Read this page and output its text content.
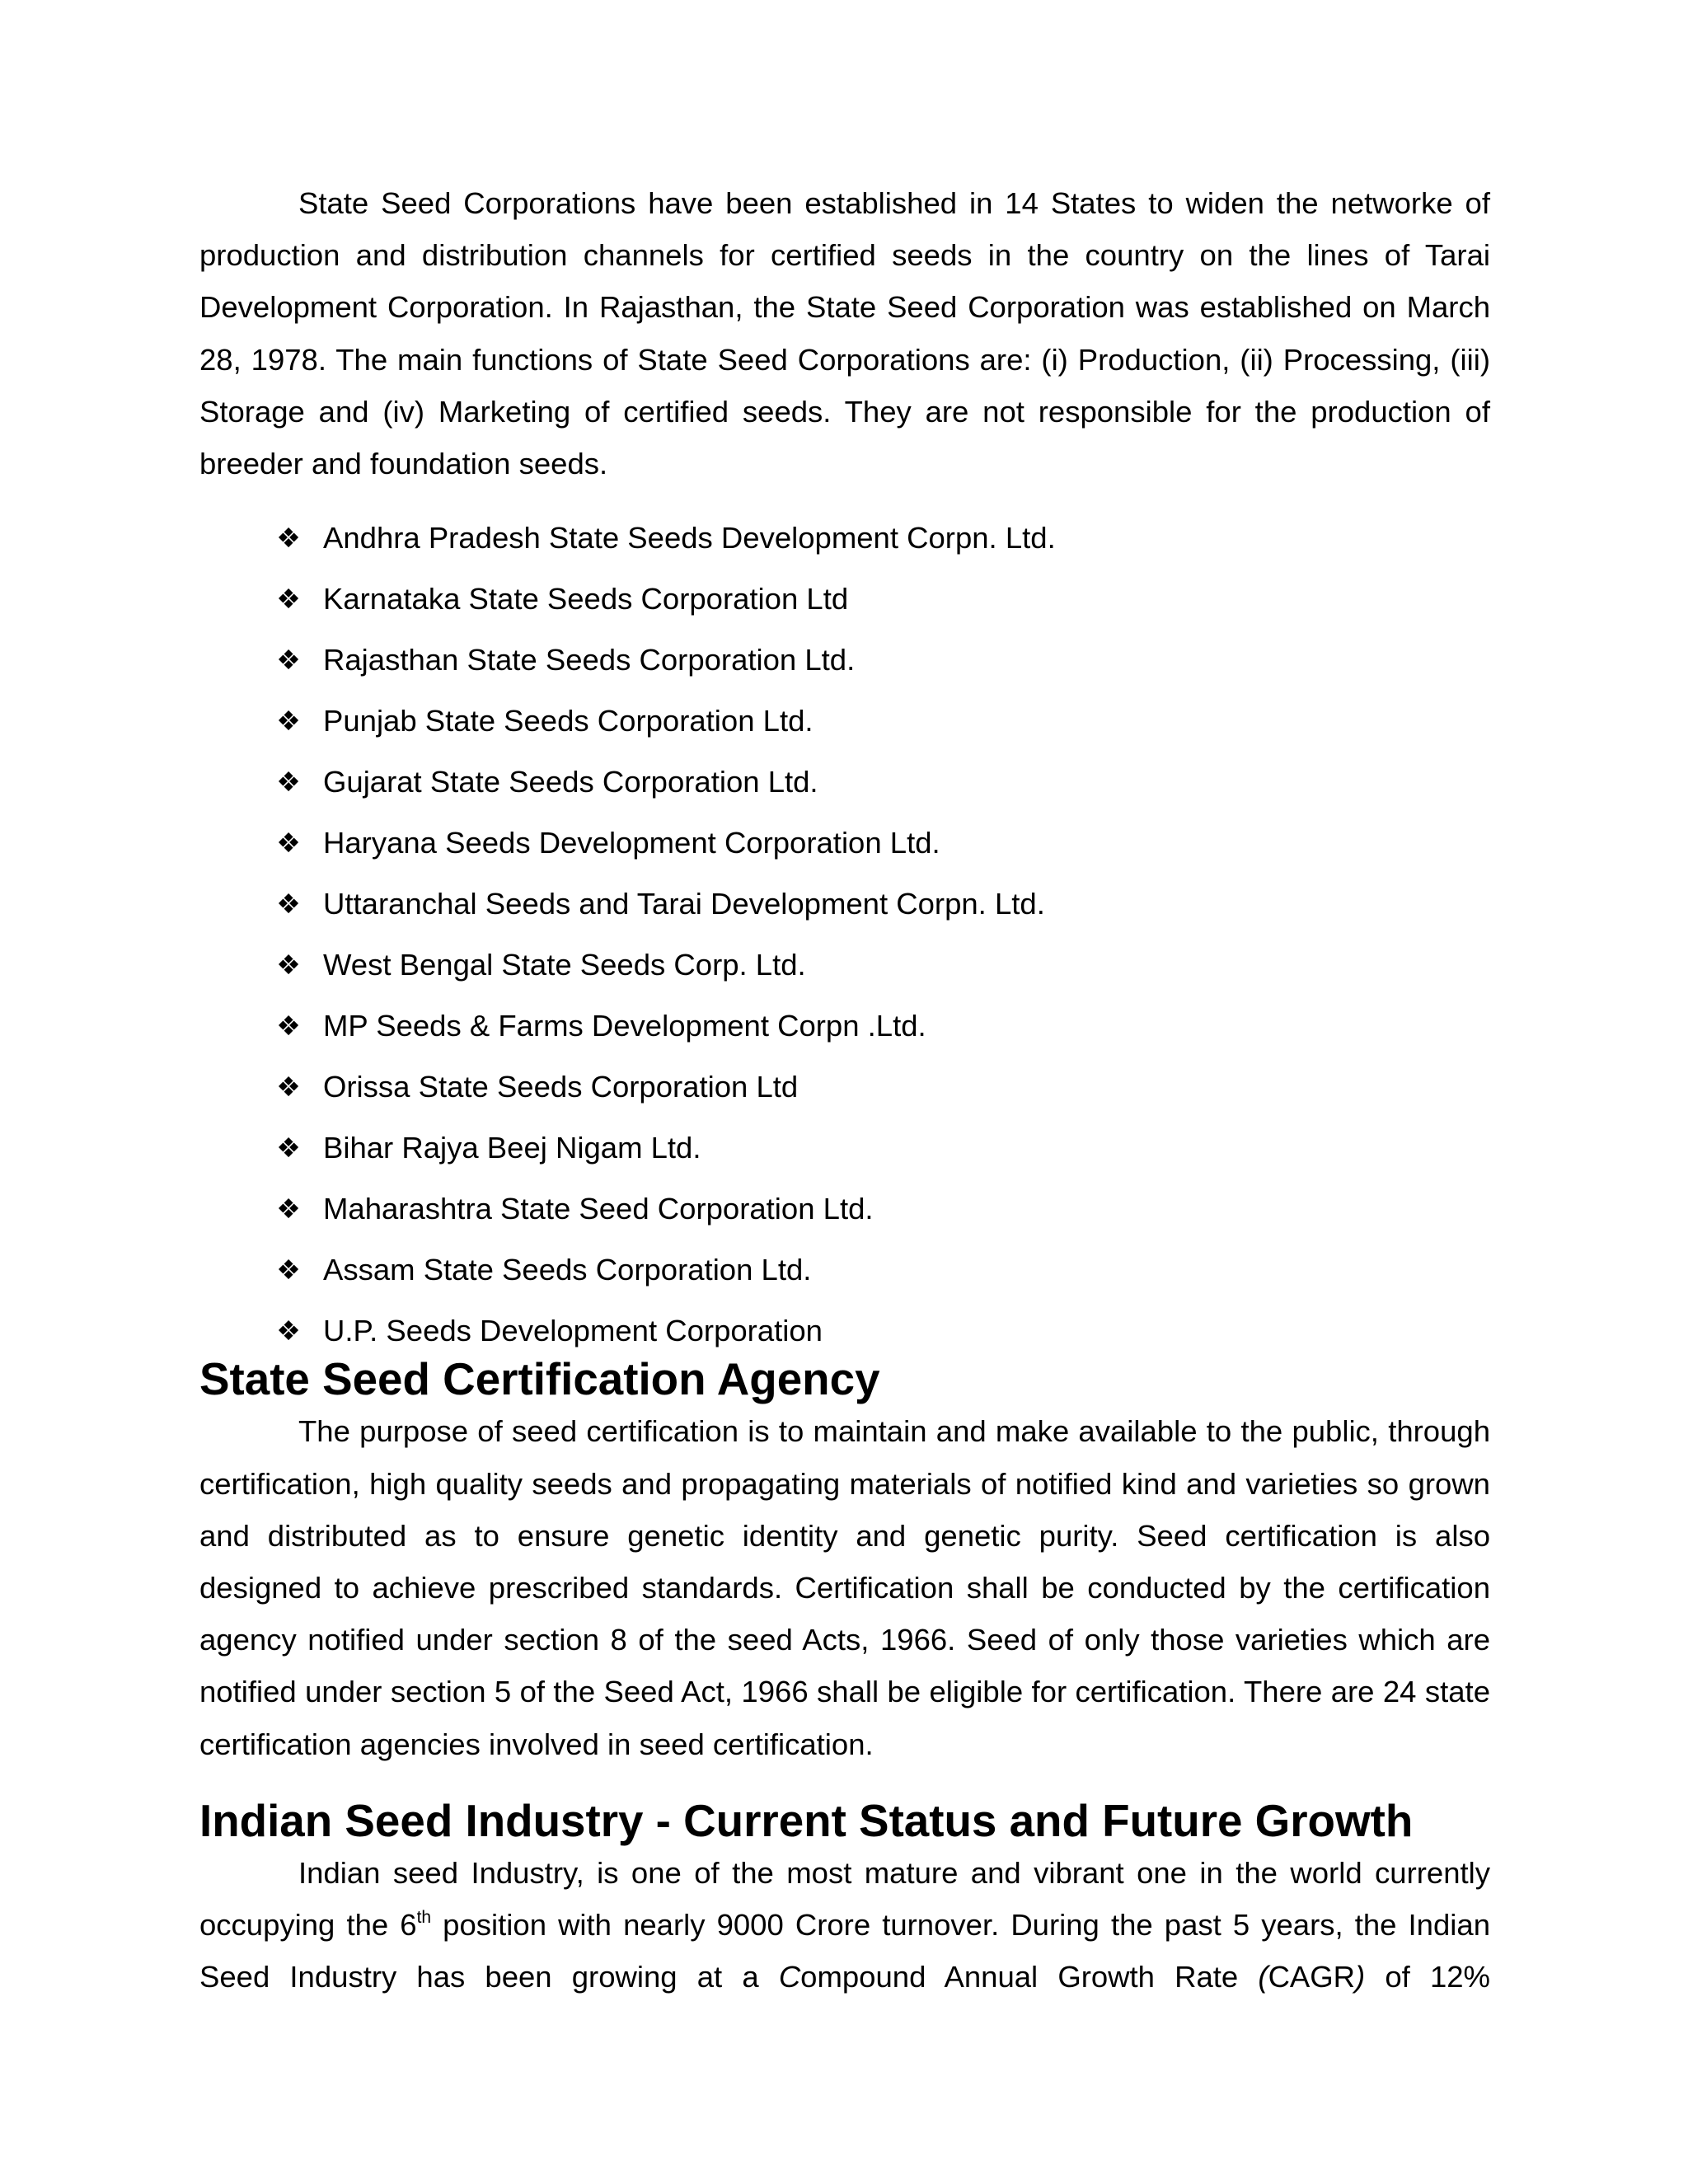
State Seed Corporations have been established in 14 States to widen the networke of production and distribution channels for certified seeds in the country on the lines of Tarai Development Corporation. In Rajasthan, the State Seed Corporation was established on March 28, 1978. The main functions of State Seed Corporations are: (i) Production, (ii) Processing, (iii) Storage and (iv) Marketing of certified seeds. They are not responsible for the production of breeder and foundation seeds.

❖ Andhra Pradesh State Seeds Development Corpn. Ltd.
❖ Karnataka State Seeds Corporation Ltd
❖ Rajasthan State Seeds Corporation Ltd.
❖ Punjab State Seeds Corporation Ltd.
❖ Gujarat State Seeds Corporation Ltd.
❖ Haryana Seeds Development Corporation Ltd.
❖ Uttaranchal Seeds and Tarai Development Corpn. Ltd.
❖ West Bengal State Seeds Corp. Ltd.
❖ MP Seeds & Farms Development Corpn .Ltd.
❖ Orissa State Seeds Corporation Ltd
❖ Bihar Rajya Beej Nigam Ltd.
❖ Maharashtra State Seed Corporation Ltd.
❖ Assam State Seeds Corporation Ltd.
❖ U.P. Seeds Development Corporation
State Seed Certification Agency

The purpose of seed certification is to maintain and make available to the public, through certification, high quality seeds and propagating materials of notified kind and varieties so grown and distributed as to ensure genetic identity and genetic purity. Seed certification is also designed to achieve prescribed standards. Certification shall be conducted by the certification agency notified under section 8 of the seed Acts, 1966. Seed of only those varieties which are notified under section 5 of the Seed Act, 1966 shall be eligible for certification. There are 24 state certification agencies involved in seed certification.

Indian Seed Industry - Current Status and Future Growth

Indian seed Industry, is one of the most mature and vibrant one in the world currently occupying the 6th position with nearly 9000 Crore turnover. During the past 5 years, the Indian Seed Industry has been growing at a Compound Annual Growth Rate (CAGR) of 12%
